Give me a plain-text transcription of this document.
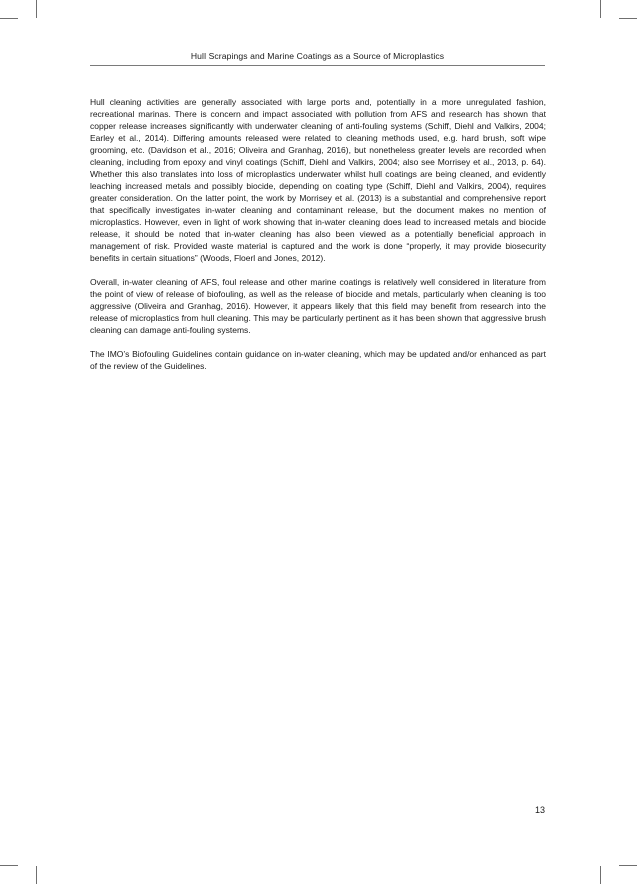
Hull Scrapings and Marine Coatings as a Source of Microplastics

Hull cleaning activities are generally associated with large ports and, potentially in a more unregulated fashion, recreational marinas. There is concern and impact associated with pollution from AFS and research has shown that copper release increases significantly with underwater cleaning of anti-fouling systems (Schiff, Diehl and Valkirs, 2004; Earley et al., 2014). Differing amounts released were related to cleaning methods used, e.g. hard brush, soft wipe grooming, etc. (Davidson et al., 2016; Oliveira and Granhag, 2016), but nonetheless greater levels are recorded when cleaning, including from epoxy and vinyl coatings (Schiff, Diehl and Valkirs, 2004; also see Morrisey et al., 2013, p. 64). Whether this also translates into loss of microplastics underwater whilst hull coatings are being cleaned, and evidently leaching increased metals and possibly biocide, depending on coating type (Schiff, Diehl and Valkirs, 2004), requires greater consideration. On the latter point, the work by Morrisey et al. (2013) is a substantial and comprehensive report that specifically investigates in-water cleaning and contaminant release, but the document makes no mention of microplastics. However, even in light of work showing that in-water cleaning does lead to increased metals and biocide release, it should be noted that in-water cleaning has also been viewed as a potentially beneficial approach in management of risk. Provided waste material is captured and the work is done “properly, it may provide biosecurity benefits in certain situations” (Woods, Floerl and Jones, 2012).

Overall, in-water cleaning of AFS, foul release and other marine coatings is relatively well considered in literature from the point of view of release of biofouling, as well as the release of biocide and metals, particularly when cleaning is too aggressive (Oliveira and Granhag, 2016). However, it appears likely that this field may benefit from research into the release of microplastics from hull cleaning. This may be particularly pertinent as it has been shown that aggressive brush cleaning can damage anti-fouling systems.

The IMO’s Biofouling Guidelines contain guidance on in-water cleaning, which may be updated and/or enhanced as part of the review of the Guidelines.

13
